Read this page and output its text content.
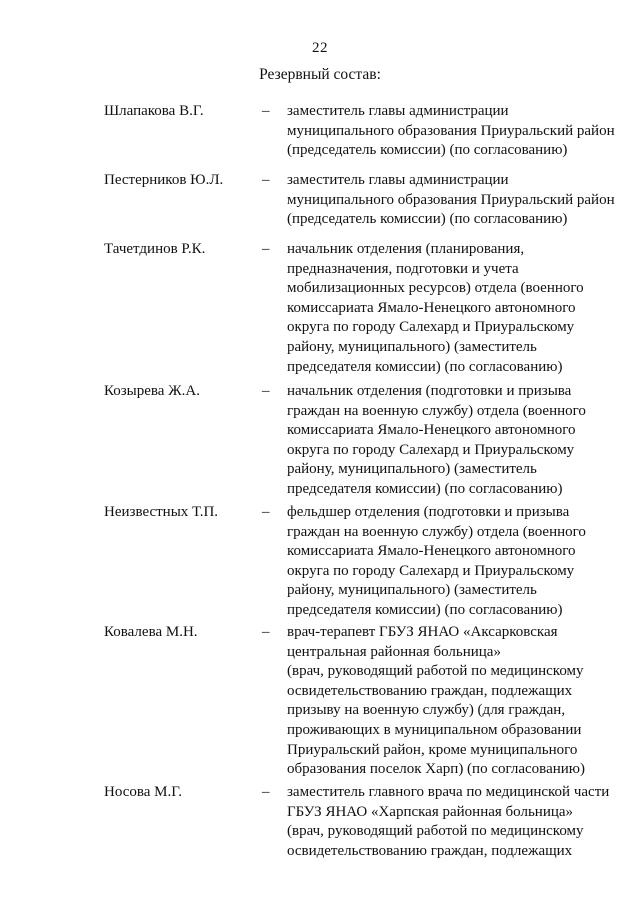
22
Резервный состав:
Шлапакова В.Г.	– заместитель главы администрации
муниципального образования Приуральский район
(председатель комиссии) (по согласованию)
Пестерников Ю.Л.	– заместитель главы администрации
муниципального образования Приуральский район
(председатель комиссии) (по согласованию)
Тачетдинов Р.К.	– начальник отделения (планирования,
предназначения, подготовки и учета
мобилизационных ресурсов) отдела (военного
комиссариата Ямало-Ненецкого автономного
округа по городу Салехард и Приуральскому
району, муниципального) (заместитель
председателя комиссии) (по согласованию)
Козырева Ж.А.	– начальник отделения (подготовки и призыва
граждан на военную службу) отдела (военного
комиссариата Ямало-Ненецкого автономного
округа по городу Салехард и Приуральскому
району, муниципального) (заместитель
председателя комиссии) (по согласованию)
Неизвестных Т.П.	– фельдшер отделения (подготовки и призыва
граждан на военную службу) отдела (военного
комиссариата Ямало-Ненецкого автономного
округа по городу Салехард и Приуральскому
району, муниципального) (заместитель
председателя комиссии) (по согласованию)
Ковалева М.Н.	– врач-терапевт ГБУЗ ЯНАО «Аксарковская
центральная районная больница»
(врач, руководящий работой по медицинскому
освидетельствованию граждан, подлежащих
призыву на военную службу) (для граждан,
проживающих в муниципальном образовании
Приуральский район, кроме муниципального
образования поселок Харп) (по согласованию)
Носова М.Г.	– заместитель главного врача по медицинской части
ГБУЗ ЯНАО «Харпская районная больница»
(врач, руководящий работой по медицинскому
освидетельствованию граждан, подлежащих
